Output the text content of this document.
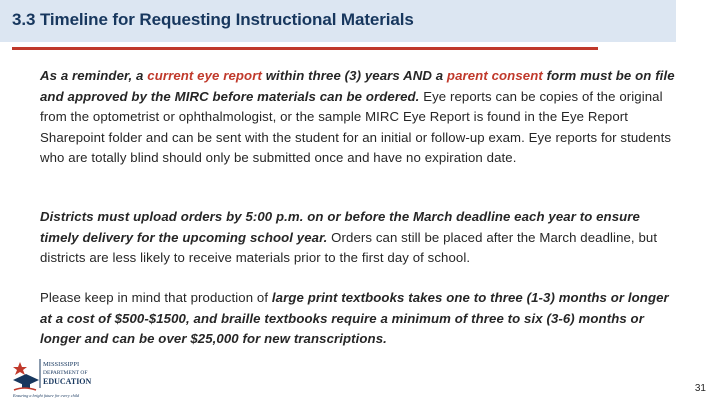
3.3 Timeline for Requesting Instructional Materials

As a reminder, a current eye report within three (3) years AND a parent consent form must be on file and approved by the MIRC before materials can be ordered. Eye reports can be copies of the original from the optometrist or ophthalmologist, or the sample MIRC Eye Report is found in the Eye Report Sharepoint folder and can be sent with the student for an initial or follow-up exam. Eye reports for students who are totally blind should only be submitted once and have no expiration date.

Districts must upload orders by 5:00 p.m. on or before the March deadline each year to ensure timely delivery for the upcoming school year. Orders can still be placed after the March deadline, but districts are less likely to receive materials prior to the first day of school.

Please keep in mind that production of large print textbooks takes one to three (1-3) months or longer at a cost of $500-$1500, and braille textbooks require a minimum of three to six (3-6) months or longer and can be over $25,000 for new transcriptions.

MISSISSIPPI
DEPARTMENT OF
EDUCATION
Ensuring a bright future for every child
31
